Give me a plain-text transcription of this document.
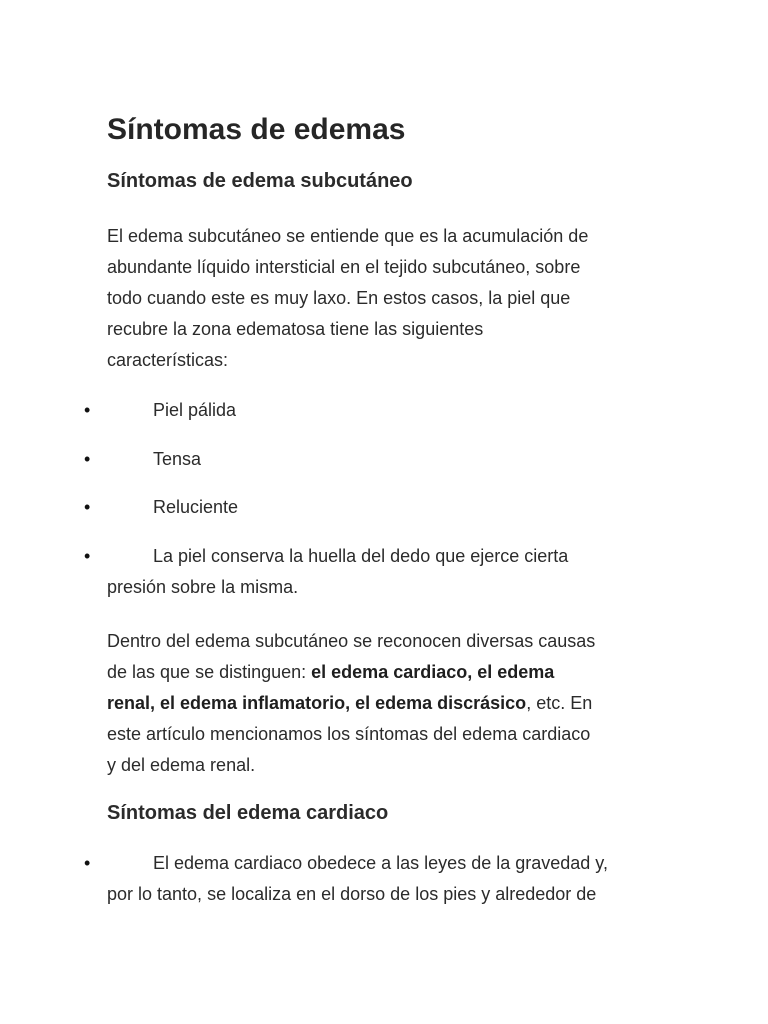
Síntomas de edemas
Síntomas de edema subcutáneo

El edema subcutáneo se entiende que es la acumulación de
abundante líquido intersticial en el tejido subcutáneo, sobre
todo cuando este es muy laxo. En estos casos, la piel que
recubre la zona edematosa tiene las siguientes
características:

•	Piel pálida
•	Tensa
•	Reluciente
•	La piel conserva la huella del dedo que ejerce cierta
presión sobre la misma.

Dentro del edema subcutáneo se reconocen diversas causas
de las que se distinguen: el edema cardiaco, el edema
renal, el edema inflamatorio, el edema discrásico, etc. En
este artículo mencionamos los síntomas del edema cardiaco
y del edema renal.

Síntomas del edema cardiaco
•	El edema cardiaco obedece a las leyes de la gravedad y,
por lo tanto, se localiza en el dorso de los pies y alrededor de
